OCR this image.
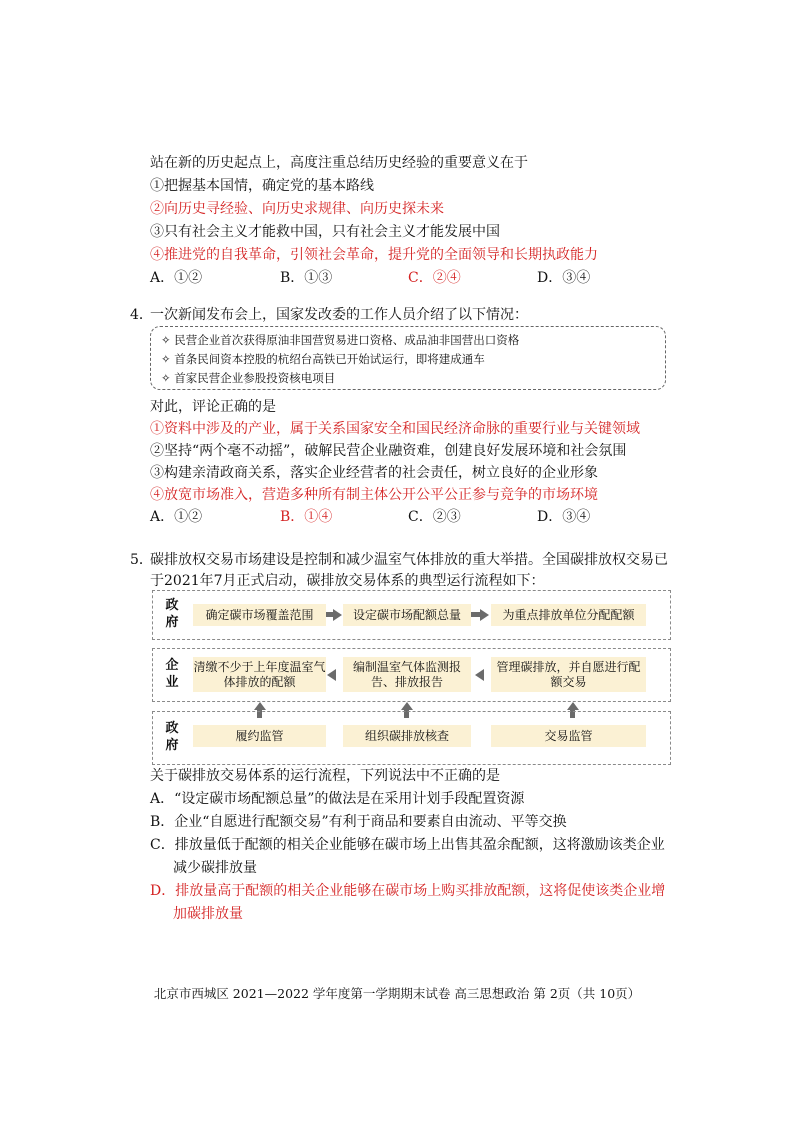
站在新的历史起点上，高度注重总结历史经验的重要意义在于
①把握基本国情，确定党的基本路线
②向历史寻经验、向历史求规律、向历史探未来
③只有社会主义才能救中国，只有社会主义才能发展中国
④推进党的自我革命，引领社会革命，提升党的全面领导和长期执政能力
A．①②	B．①③	C．②④	D．③④
4．
一次新闻发布会上，国家发改委的工作人员介绍了以下情况：
✧ 民营企业首次获得原油非国营贸易进口资格、成品油非国营出口资格
✧ 首条民间资本控股的杭绍台高铁已开始试运行，即将建成通车
✧ 首家民营企业参股投资核电项目
对此，评论正确的是
①资料中涉及的产业，属于关系国家安全和国民经济命脉的重要行业与关键领域
②坚持“两个毫不动摇”，破解民营企业融资难，创建良好发展环境和社会氛围
③构建亲清政商关系，落实企业经营者的社会责任，树立良好的企业形象
④放宽市场准入，营造多种所有制主体公开公平公正参与竞争的市场环境
A．①②	B．①④	C．②③	D．③④
5．
碳排放权交易市场建设是控制和减少温室气体排放的重大举措。全国碳排放权交易已
于2021年7月正式启动，碳排放交易体系的典型运行流程如下：
政府
确定碳市场覆盖范围	设定碳市场配额总量	为重点排放单位分配配额
企业
清缴不少于上年度温室气体排放的配额
编制温室气体监测报告、排放报告
管理碳排放，并自愿进行配额交易
政府
履约监管	组织碳排放核查	交易监管
关于碳排放交易体系的运行流程，下列说法中不正确的是
A．“设定碳市场配额总量”的做法是在采用计划手段配置资源
B．企业“自愿进行配额交易”有利于商品和要素自由流动、平等交换
C．排放量低于配额的相关企业能够在碳市场上出售其盈余配额，这将激励该类企业
减少碳排放量
D．排放量高于配额的相关企业能够在碳市场上购买排放配额，这将促使该类企业增
加碳排放量
北京市西城区 2021—2022 学年度第一学期期末试卷 高三思想政治 第 2页（共 10页）
